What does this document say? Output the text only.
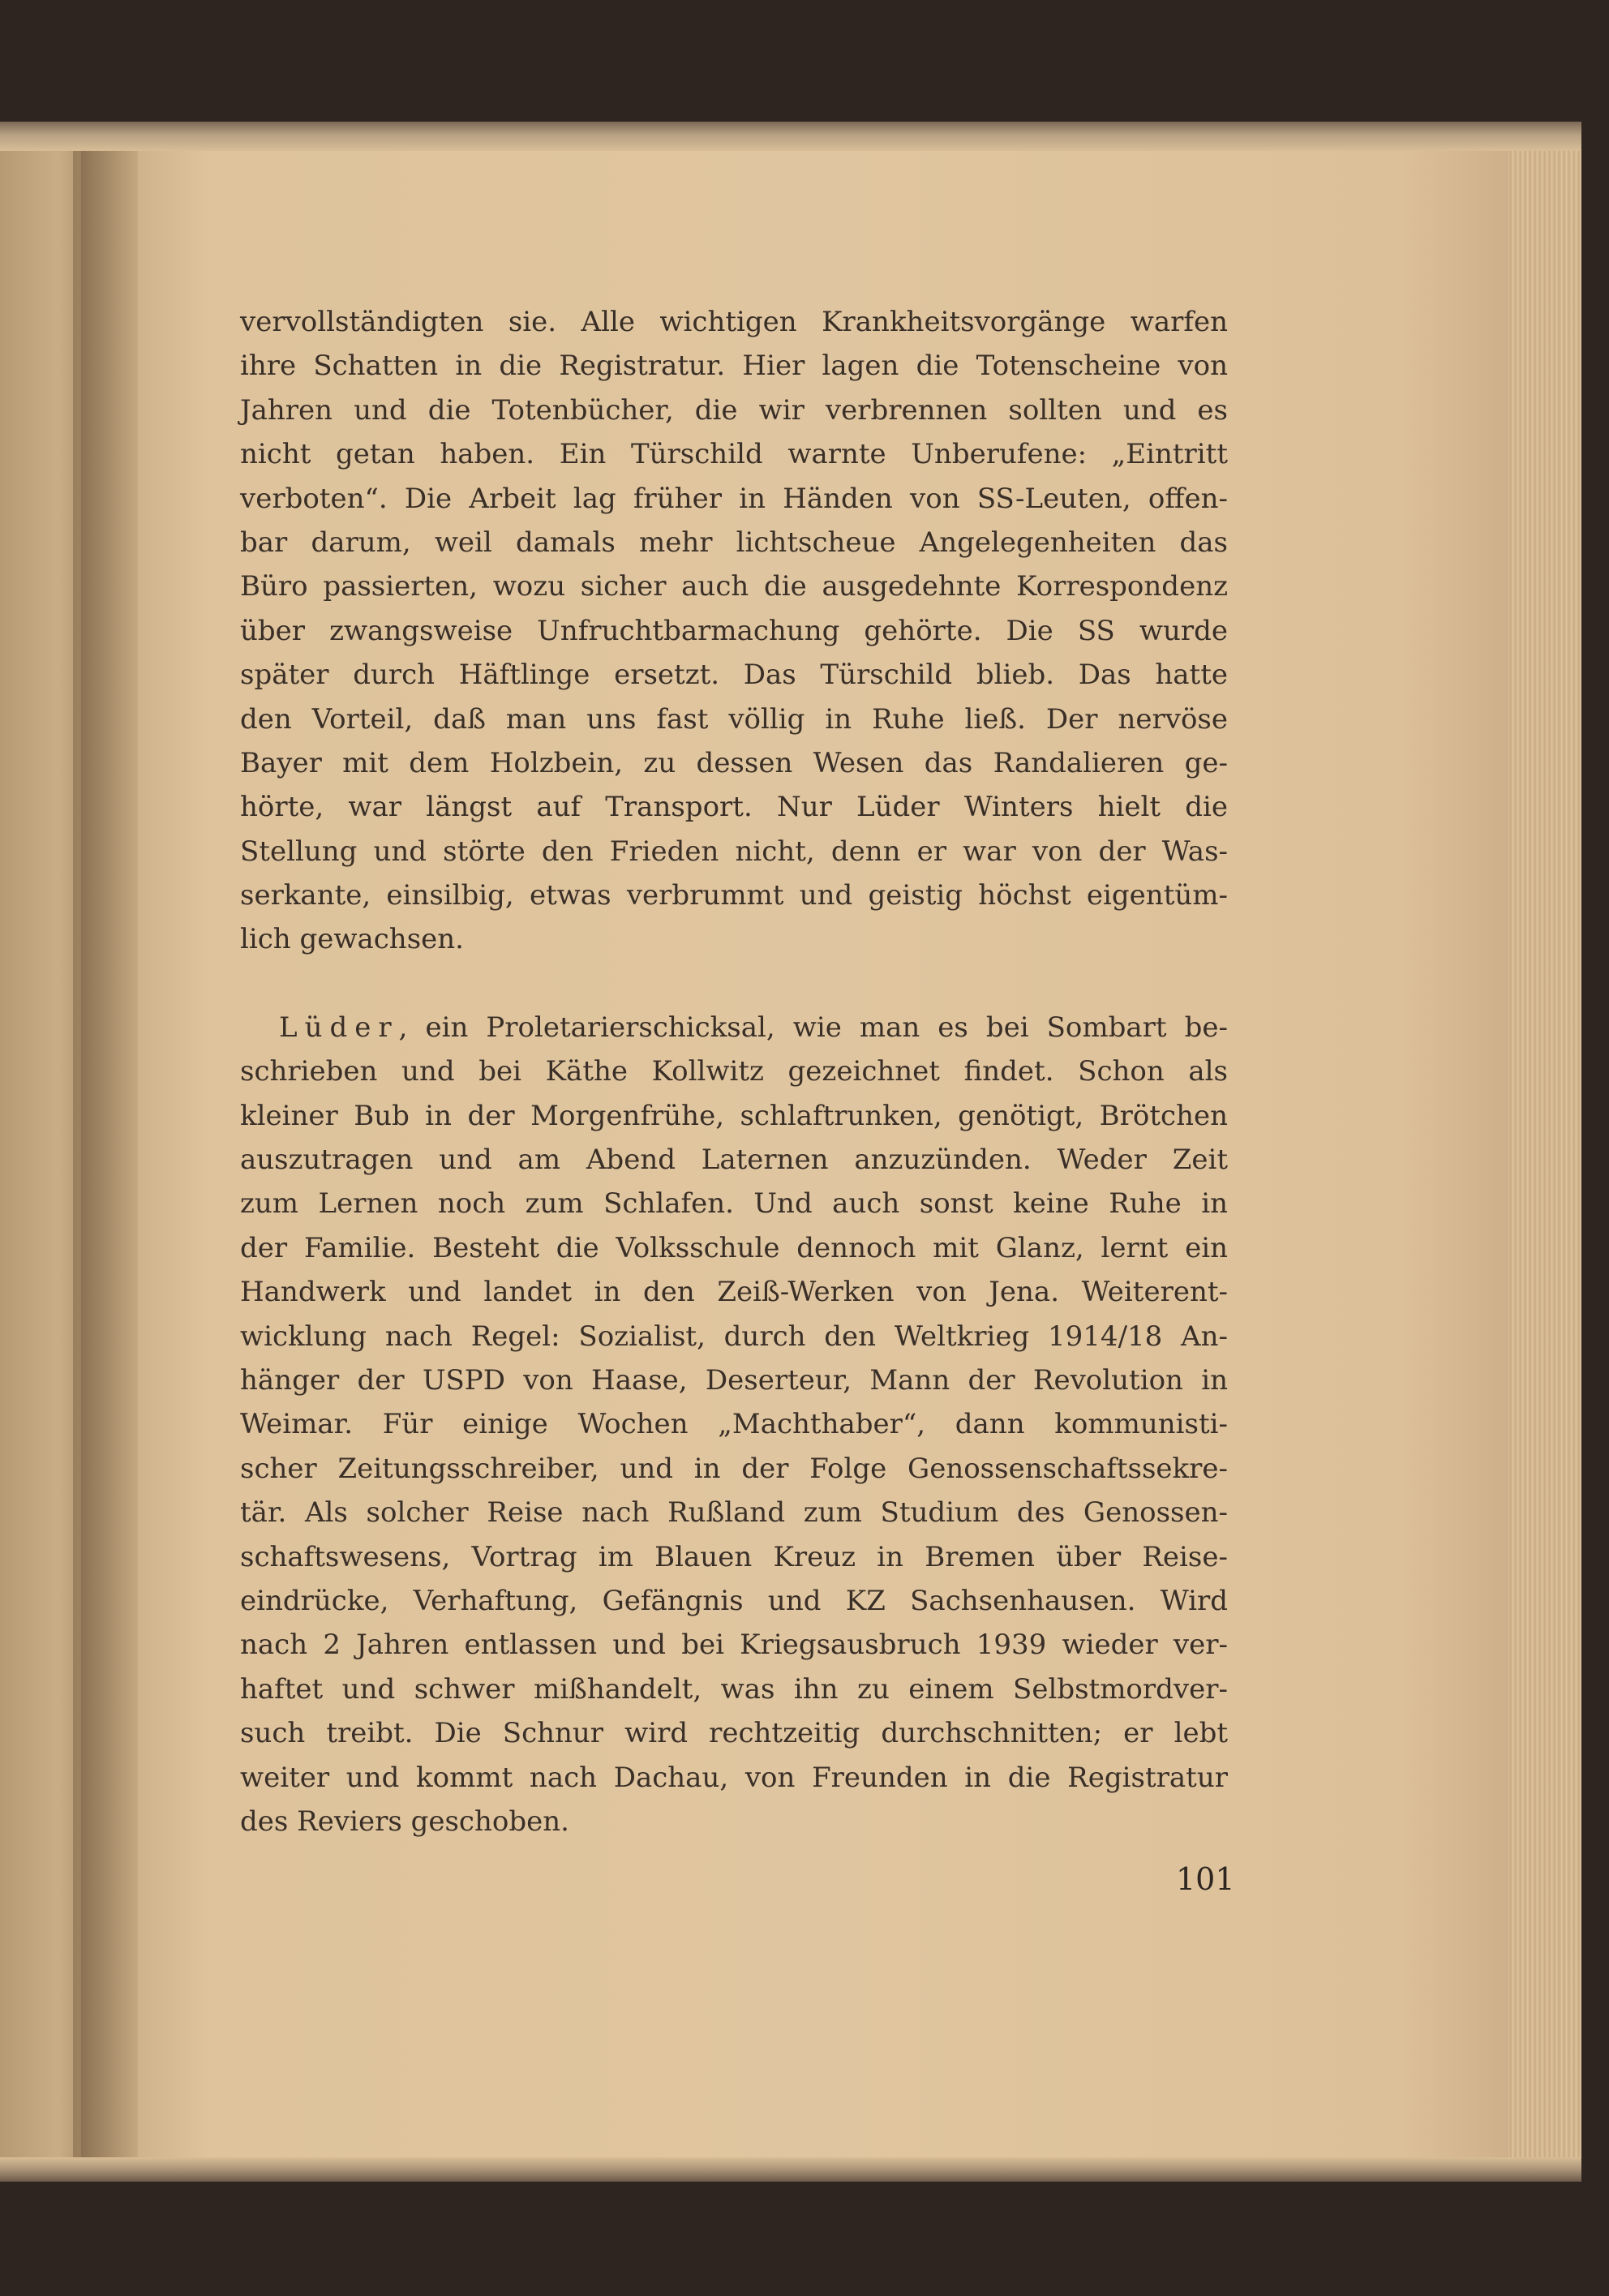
vervollständigten sie. Alle wichtigen Krankheitsvorgänge warfen
ihre Schatten in die Registratur. Hier lagen die Totenscheine von
Jahren und die Totenbücher, die wir verbrennen sollten und es
nicht getan haben. Ein Türschild warnte Unberufene: „Eintritt
verboten“. Die Arbeit lag früher in Händen von SS-Leuten, offen-
bar darum, weil damals mehr lichtscheue Angelegenheiten das
Büro passierten, wozu sicher auch die ausgedehnte Korrespondenz
über zwangsweise Unfruchtbarmachung gehörte. Die SS wurde
später durch Häftlinge ersetzt. Das Türschild blieb. Das hatte
den Vorteil, daß man uns fast völlig in Ruhe ließ. Der nervöse
Bayer mit dem Holzbein, zu dessen Wesen das Randalieren ge-
hörte, war längst auf Transport. Nur Lüder Winters hielt die
Stellung und störte den Frieden nicht, denn er war von der Was-
serkante, einsilbig, etwas verbrummt und geistig höchst eigentüm-
lich gewachsen.
Lüder, ein Proletarierschicksal, wie man es bei Sombart be-
schrieben und bei Käthe Kollwitz gezeichnet findet. Schon als
kleiner Bub in der Morgenfrühe, schlaftrunken, genötigt, Brötchen
auszutragen und am Abend Laternen anzuzünden. Weder Zeit
zum Lernen noch zum Schlafen. Und auch sonst keine Ruhe in
der Familie. Besteht die Volksschule dennoch mit Glanz, lernt ein
Handwerk und landet in den Zeiß-Werken von Jena. Weiterent-
wicklung nach Regel: Sozialist, durch den Weltkrieg 1914/18 An-
hänger der USPD von Haase, Deserteur, Mann der Revolution in
Weimar. Für einige Wochen „Machthaber“, dann kommunisti-
scher Zeitungsschreiber, und in der Folge Genossenschaftssekre-
tär. Als solcher Reise nach Rußland zum Studium des Genossen-
schaftswesens, Vortrag im Blauen Kreuz in Bremen über Reise-
eindrücke, Verhaftung, Gefängnis und KZ Sachsenhausen. Wird
nach 2 Jahren entlassen und bei Kriegsausbruch 1939 wieder ver-
haftet und schwer mißhandelt, was ihn zu einem Selbstmordver-
such treibt. Die Schnur wird rechtzeitig durchschnitten; er lebt
weiter und kommt nach Dachau, von Freunden in die Registratur
des Reviers geschoben.
101
